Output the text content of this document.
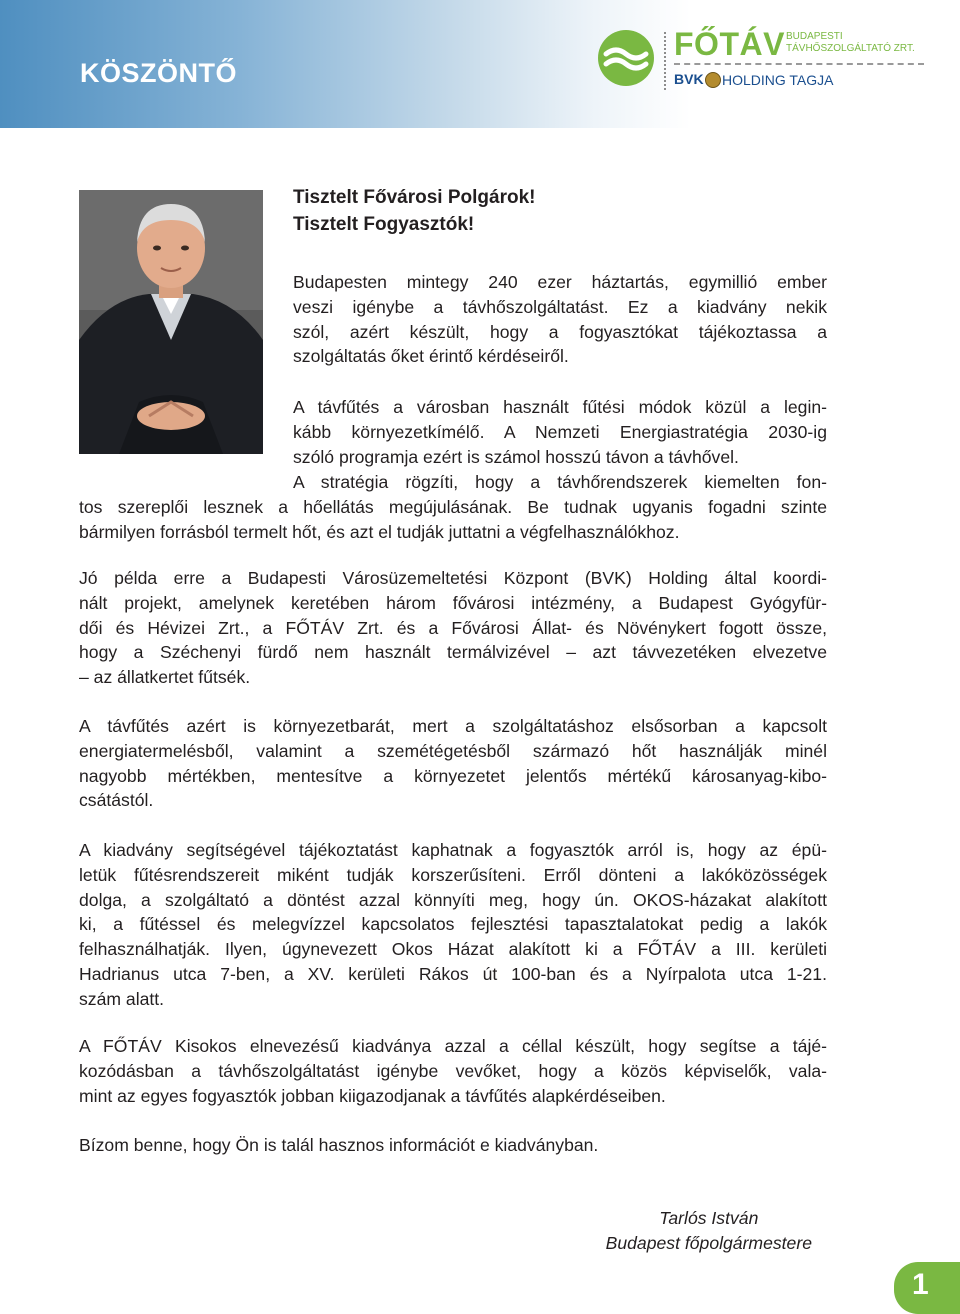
KÖSZÖNTŐ
FŐTÁV BUDAPESTI
TÁVHŐSZOLGÁLTATÓ ZRT.
BVK HOLDING TAGJA
Tisztelt Fővárosi Polgárok!
Tisztelt Fogyasztók!
Budapesten mintegy 240 ezer háztartás, egymillió ember
veszi igénybe a távhőszolgáltatást. Ez a kiadvány nekik
szól, azért készült, hogy a fogyasztókat tájékoztassa a
szolgáltatás őket érintő kérdéseiről.
A távfűtés a városban használt fűtési módok közül a legin-
kább környezetkímélő. A Nemzeti Energiastratégia 2030-ig
szóló programja ezért is számol hosszú távon a távhővel.
A stratégia rögzíti, hogy a távhőrendszerek kiemelten fon-
tos szereplői lesznek a hőellátás megújulásának. Be tudnak ugyanis fogadni szinte
bármilyen forrásból termelt hőt, és azt el tudják juttatni a végfelhasználókhoz.
Jó példa erre a Budapesti Városüzemeltetési Központ (BVK) Holding által koordi-
nált projekt, amelynek keretében három fővárosi intézmény, a Budapest Gyógyfür-
dői és Hévizei Zrt., a FŐTÁV Zrt. és a Fővárosi Állat- és Növénykert fogott össze,
hogy a Széchenyi fürdő nem használt termálvizével – azt távvezetéken elvezetve
– az állatkertet fűtsék.
A távfűtés azért is környezetbarát, mert a szolgáltatáshoz elsősorban a kapcsolt
energiatermelésből, valamint a szemétégetésből származó hőt használják minél
nagyobb mértékben, mentesítve a környezetet jelentős mértékű károsanyag-kibo-
csátástól.
A kiadvány segítségével tájékoztatást kaphatnak a fogyasztók arról is, hogy az épü-
letük fűtésrendszereit miként tudják korszerűsíteni. Erről dönteni a lakóközösségek
dolga, a szolgáltató a döntést azzal könnyíti meg, hogy ún. OKOS-házakat alakított
ki, a fűtéssel és melegvízzel kapcsolatos fejlesztési tapasztalatokat pedig a lakók
felhasználhatják. Ilyen, úgynevezett Okos Házat alakított ki a FŐTÁV a III. kerületi
Hadrianus utca 7-ben, a XV. kerületi Rákos út 100-ban és a Nyírpalota utca 1-21.
szám alatt.
A FŐTÁV Kisokos elnevezésű kiadványa azzal a céllal készült, hogy segítse a tájé-
kozódásban a távhőszolgáltatást igénybe vevőket, hogy a közös képviselők, vala-
mint az egyes fogyasztók jobban kiigazodjanak a távfűtés alapkérdéseiben.
Bízom benne, hogy Ön is talál hasznos információt e kiadványban.
Tarlós István
Budapest főpolgármestere
1
